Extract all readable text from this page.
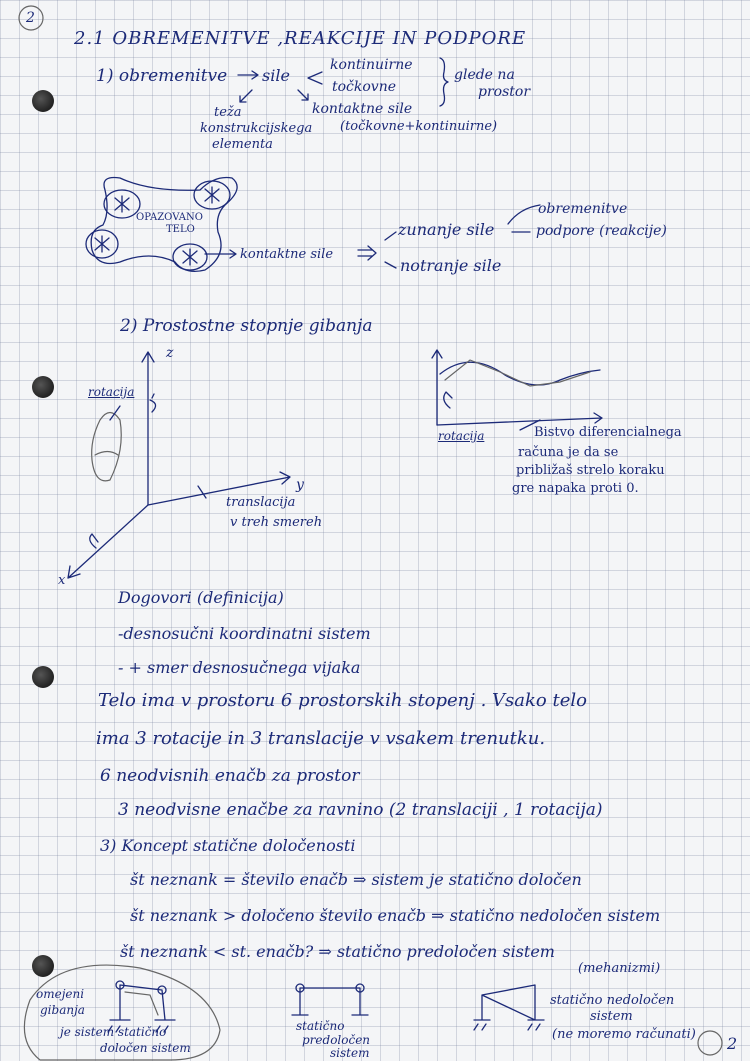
2
2
2.1 OBREMENITVE ,REAKCIJE IN PODPORE
1) obremenitve sile
kontinuirne
točkovne
glede na
prostor
teža
konstrukcijskega
elementa
kontaktne sile
(točkovne+kontinuirne)
OPAZOVANO
TELO
kontaktne sile
zunanje sile
notranje sile
obremenitve
podpore (reakcije)
2) Prostostne stopnje gibanja
z
y
x
rotacija
translacija
v treh smereh
rotacija	Bistvo diferencialnega
računa je da se
približaš strelo koraku
gre napaka proti 0.
Dogovori (definicija)
-desnosučni koordinatni sistem
- + smer desnosučnega vijaka
Telo ima v prostoru 6 prostorskih stopenj . Vsako telo
ima 3 rotacije in 3 translacije v vsakem trenutku.
6 neodvisnih enačb za prostor
3 neodvisne enačbe za ravnino (2 translaciji , 1 rotacija)
3) Koncept statične določenosti
št neznank = število enačb ⇒ sistem je statično določen
št neznank > določeno število enačb ⇒ statično nedoločen sistem
št neznank < st. enačb? ⇒ statično predoločen sistem
(mehanizmi)
omejeni
gibanja
je sistem statično
določen sistem
statično
predoločen
sistem
statično nedoločen
sistem
(ne moremo računati)
